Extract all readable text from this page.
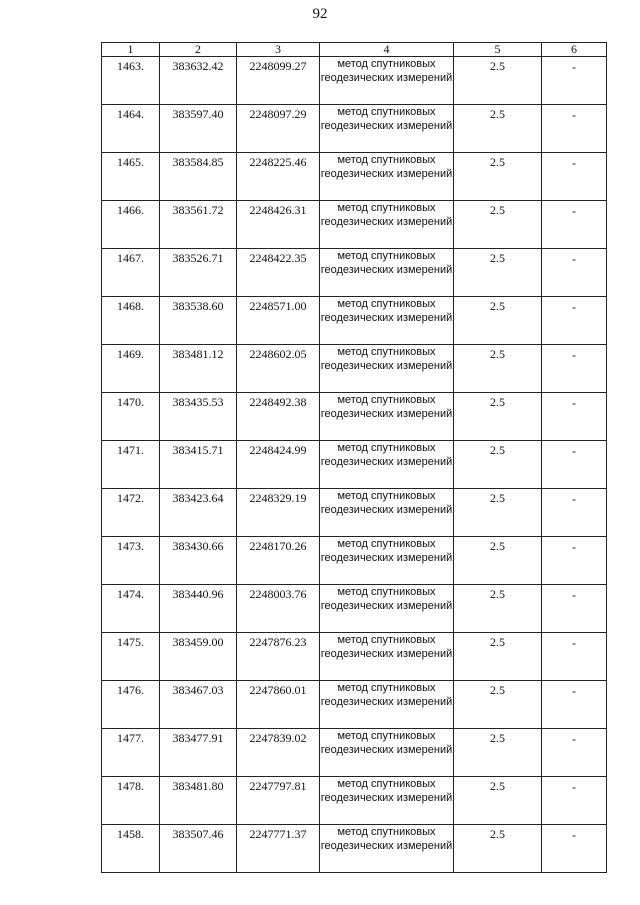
92
1	2	3	4	5	6
1463.	383632.42	2248099.27	метод спутниковых геодезических измерений	2.5	-
1464.	383597.40	2248097.29	метод спутниковых геодезических измерений	2.5	-
1465.	383584.85	2248225.46	метод спутниковых геодезических измерений	2.5	-
1466.	383561.72	2248426.31	метод спутниковых геодезических измерений	2.5	-
1467.	383526.71	2248422.35	метод спутниковых геодезических измерений	2.5	-
1468.	383538.60	2248571.00	метод спутниковых геодезических измерений	2.5	-
1469.	383481.12	2248602.05	метод спутниковых геодезических измерений	2.5	-
1470.	383435.53	2248492.38	метод спутниковых геодезических измерений	2.5	-
1471.	383415.71	2248424.99	метод спутниковых геодезических измерений	2.5	-
1472.	383423.64	2248329.19	метод спутниковых геодезических измерений	2.5	-
1473.	383430.66	2248170.26	метод спутниковых геодезических измерений	2.5	-
1474.	383440.96	2248003.76	метод спутниковых геодезических измерений	2.5	-
1475.	383459.00	2247876.23	метод спутниковых геодезических измерений	2.5	-
1476.	383467.03	2247860.01	метод спутниковых геодезических измерений	2.5	-
1477.	383477.91	2247839.02	метод спутниковых геодезических измерений	2.5	-
1478.	383481.80	2247797.81	метод спутниковых геодезических измерений	2.5	-
1458.	383507.46	2247771.37	метод спутниковых геодезических измерений	2.5	-
